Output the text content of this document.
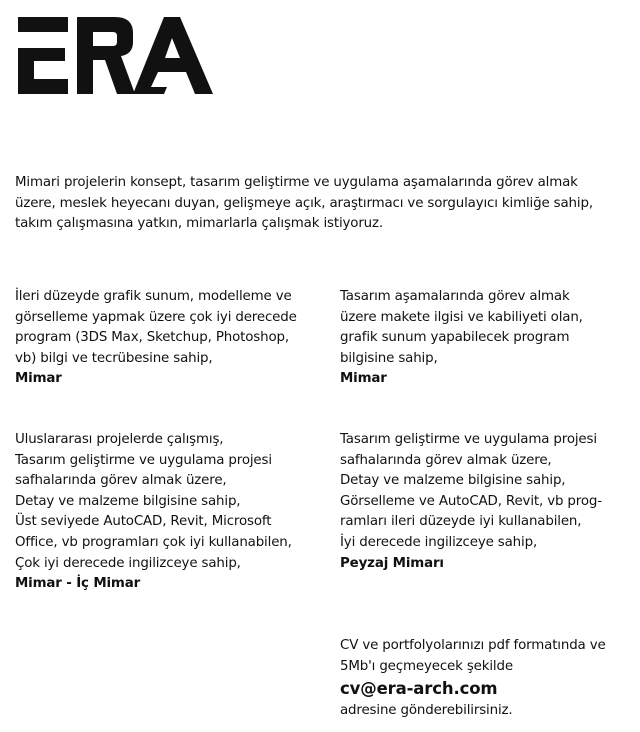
Mimari projelerin konsept, tasarım geliştirme ve uygulama aşamalarında görev almak
üzere, meslek heyecanı duyan, gelişmeye açık, araştırmacı ve sorgulayıcı kimliğe sahip,
takım çalışmasına yatkın, mimarlarla çalışmak istiyoruz.
İleri düzeyde grafik sunum, modelleme ve
görselleme yapmak üzere çok iyi derecede
program (3DS Max, Sketchup, Photoshop,
vb) bilgi ve tecrübesine sahip,
Mimar
Tasarım aşamalarında görev almak
üzere makete ilgisi ve kabiliyeti olan,
grafik sunum yapabilecek program
bilgisine sahip,
Mimar
Uluslararası projelerde çalışmış,
Tasarım geliştirme ve uygulama projesi
safhalarında görev almak üzere,
Detay ve malzeme bilgisine sahip,
Üst seviyede AutoCAD, Revit, Microsoft
Office, vb programları çok iyi kullanabilen,
Çok iyi derecede ingilizceye sahip,
Mimar - İç Mimar
Tasarım geliştirme ve uygulama projesi
safhalarında görev almak üzere,
Detay ve malzeme bilgisine sahip,
Görselleme ve AutoCAD, Revit, vb prog-
ramları ileri düzeyde iyi kullanabilen,
İyi derecede ingilizceye sahip,
Peyzaj Mimarı
CV ve portfolyolarınızı pdf formatında ve
5Mb'ı geçmeyecek şekilde
cv@era-arch.com
adresine gönderebilirsiniz.
